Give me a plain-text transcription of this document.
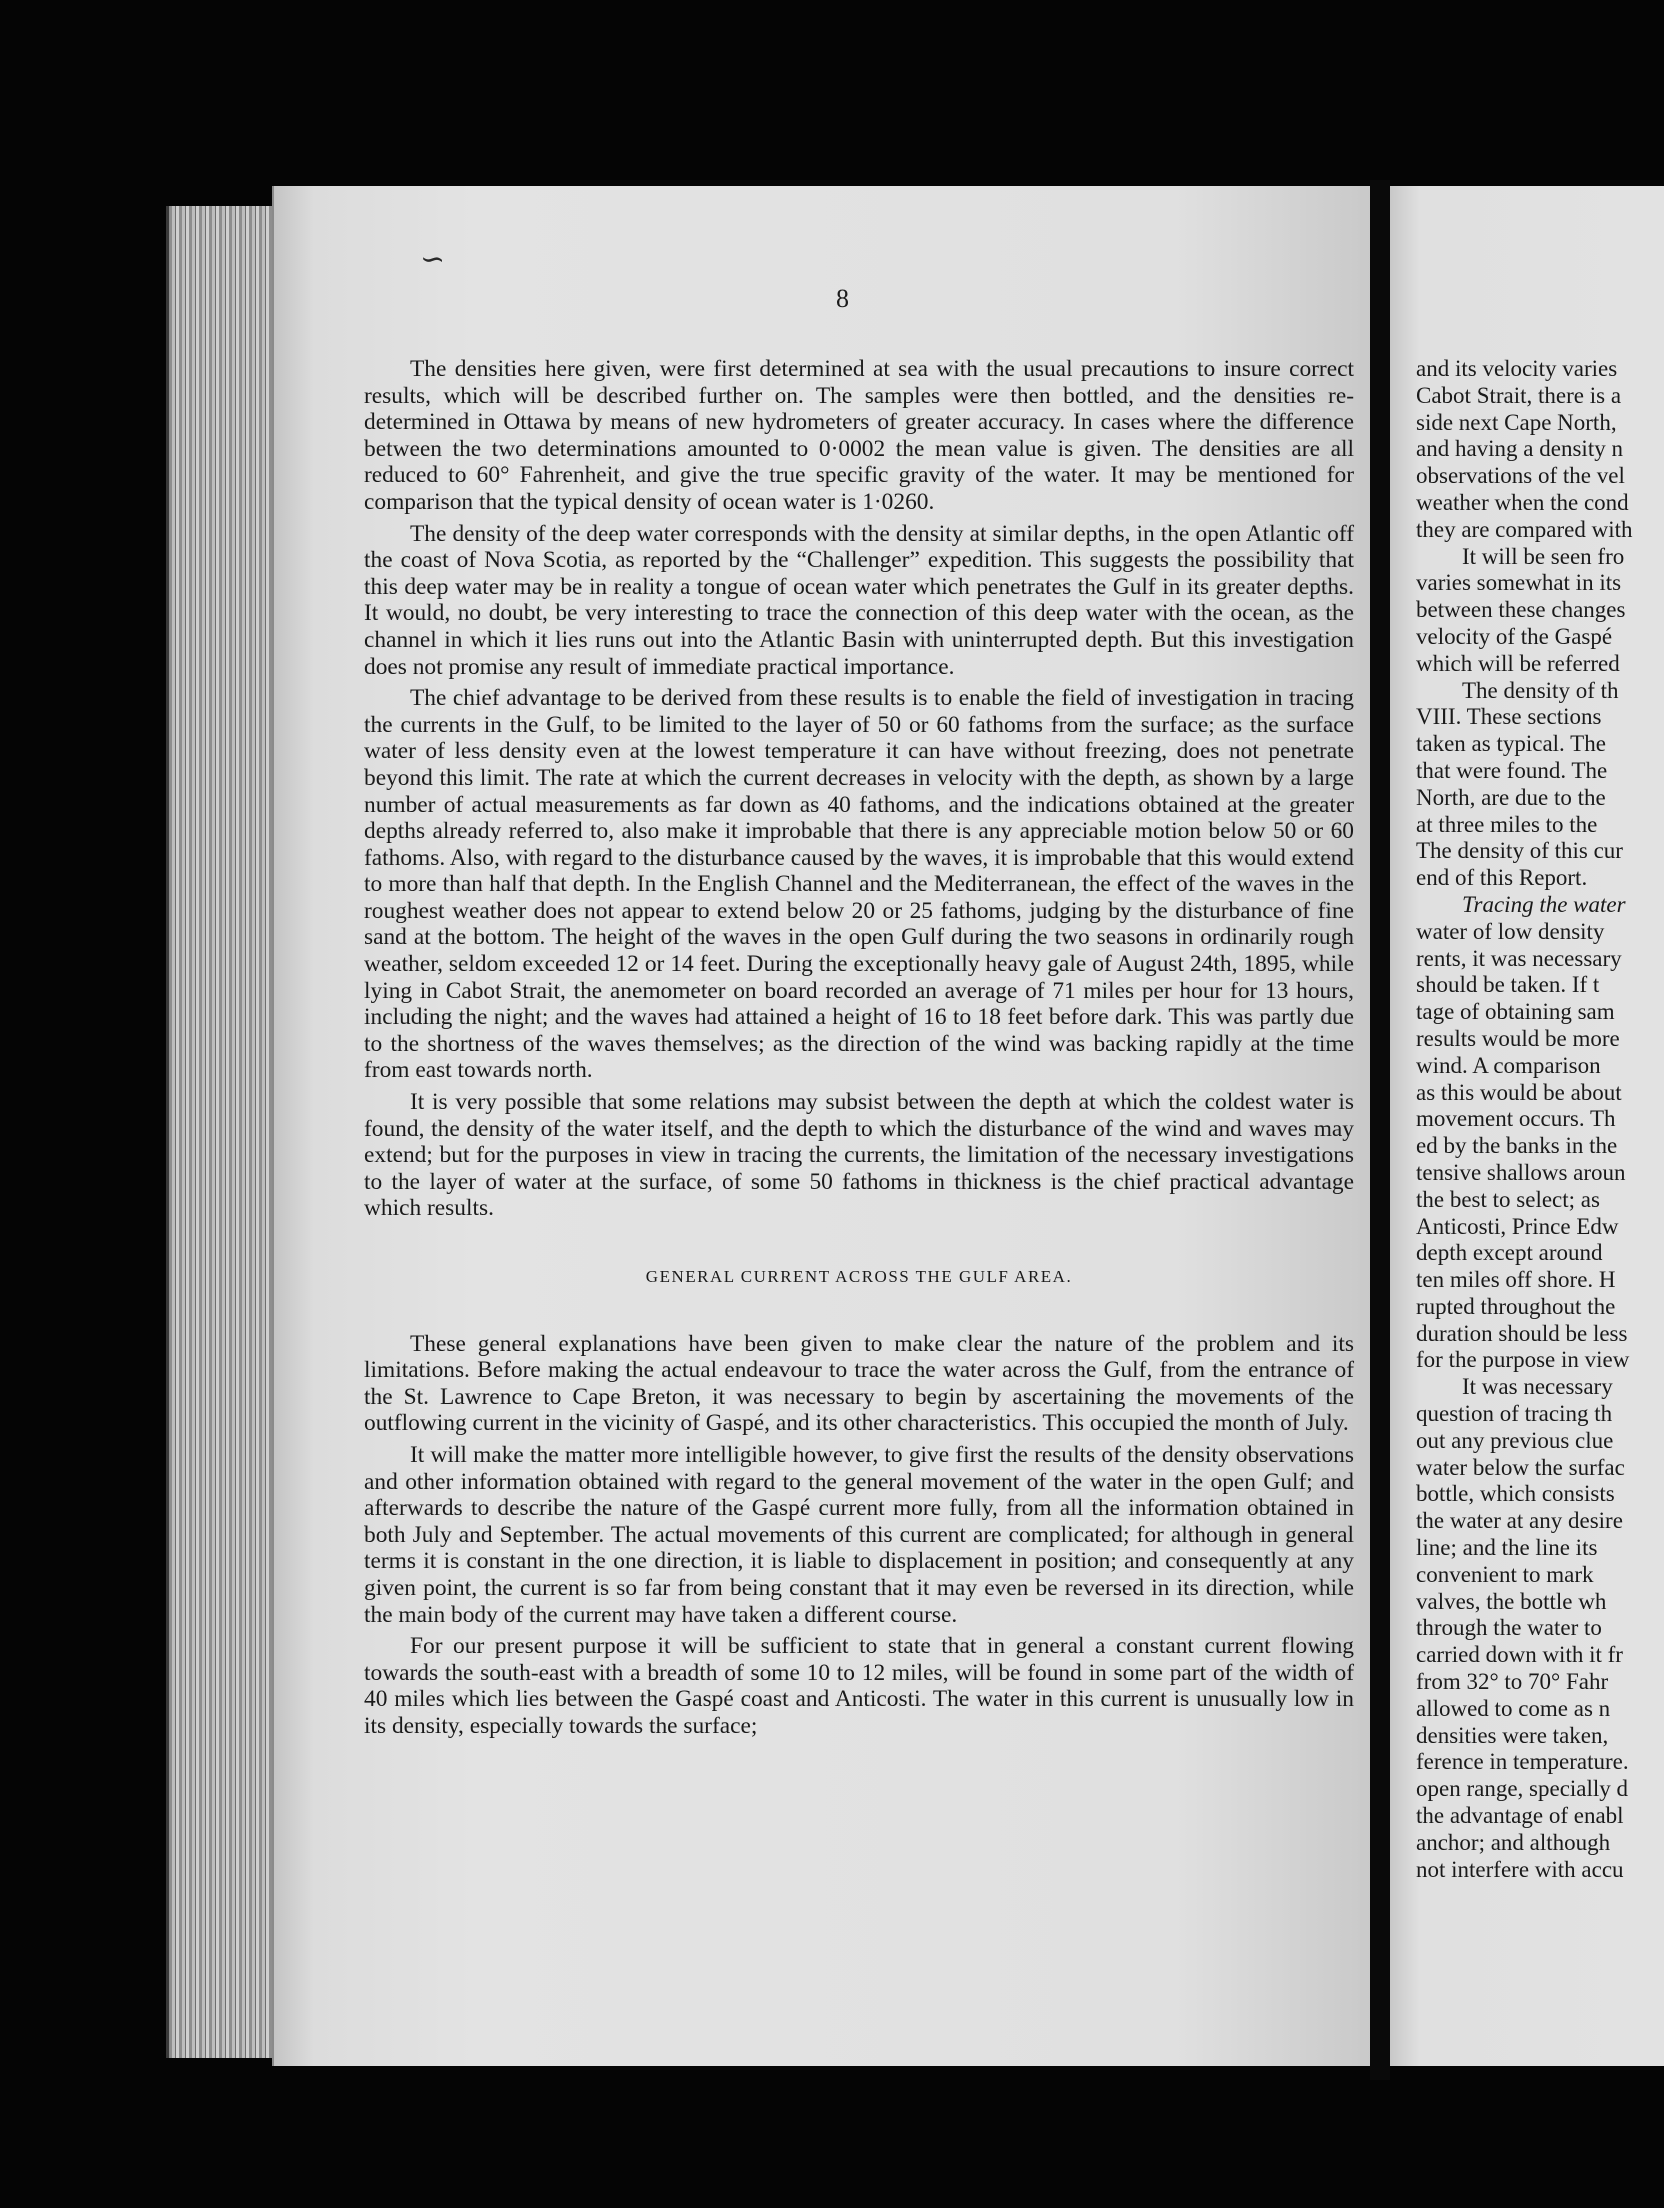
∽
8

The densities here given, were first determined at sea with the usual precautions to insure correct results, which will be described further on. The samples were then bottled, and the densities re-determined in Ottawa by means of new hydrometers of greater accuracy. In cases where the difference between the two determinations amounted to 0·0002 the mean value is given. The densities are all reduced to 60° Fahrenheit, and give the true specific gravity of the water. It may be mentioned for comparison that the typical density of ocean water is 1·0260.

The density of the deep water corresponds with the density at similar depths, in the open Atlantic off the coast of Nova Scotia, as reported by the “Challenger” expedition. This suggests the possibility that this deep water may be in reality a tongue of ocean water which penetrates the Gulf in its greater depths. It would, no doubt, be very interesting to trace the connection of this deep water with the ocean, as the channel in which it lies runs out into the Atlantic Basin with uninterrupted depth. But this investigation does not promise any result of immediate practical importance.

The chief advantage to be derived from these results is to enable the field of investigation in tracing the currents in the Gulf, to be limited to the layer of 50 or 60 fathoms from the surface; as the surface water of less density even at the lowest temperature it can have without freezing, does not penetrate beyond this limit. The rate at which the current decreases in velocity with the depth, as shown by a large number of actual measurements as far down as 40 fathoms, and the indications obtained at the greater depths already referred to, also make it improbable that there is any appreciable motion below 50 or 60 fathoms. Also, with regard to the disturbance caused by the waves, it is improbable that this would extend to more than half that depth. In the English Channel and the Mediterranean, the effect of the waves in the roughest weather does not appear to extend below 20 or 25 fathoms, judging by the disturbance of fine sand at the bottom. The height of the waves in the open Gulf during the two seasons in ordinarily rough weather, seldom exceeded 12 or 14 feet. During the exceptionally heavy gale of August 24th, 1895, while lying in Cabot Strait, the anemometer on board recorded an average of 71 miles per hour for 13 hours, including the night; and the waves had attained a height of 16 to 18 feet before dark. This was partly due to the shortness of the waves themselves; as the direction of the wind was backing rapidly at the time from east towards north.

It is very possible that some relations may subsist between the depth at which the coldest water is found, the density of the water itself, and the depth to which the disturbance of the wind and waves may extend; but for the purposes in view in tracing the currents, the limitation of the necessary investigations to the layer of water at the surface, of some 50 fathoms in thickness is the chief practical advantage which results.

GENERAL CURRENT ACROSS THE GULF AREA.

These general explanations have been given to make clear the nature of the problem and its limitations. Before making the actual endeavour to trace the water across the Gulf, from the entrance of the St. Lawrence to Cape Breton, it was necessary to begin by ascertaining the movements of the outflowing current in the vicinity of Gaspé, and its other characteristics. This occupied the month of July.

It will make the matter more intelligible however, to give first the results of the density observations and other information obtained with regard to the general movement of the water in the open Gulf; and afterwards to describe the nature of the Gaspé current more fully, from all the information obtained in both July and September. The actual movements of this current are complicated; for although in general terms it is constant in the one direction, it is liable to displacement in position; and consequently at any given point, the current is so far from being constant that it may even be reversed in its direction, while the main body of the current may have taken a different course.

For our present purpose it will be sufficient to state that in general a constant current flowing towards the south-east with a breadth of some 10 to 12 miles, will be found in some part of the width of 40 miles which lies between the Gaspé coast and Anticosti. The water in this current is unusually low in its density, especially towards the surface;

and its velocity varies
Cabot Strait, there is a
side next Cape North,
and having a density n
observations of the vel
weather when the cond
they are compared with
It will be seen fro
varies somewhat in its
between these changes
velocity of the Gaspé
which will be referred
The density of th
VIII. These sections
taken as typical. The
that were found. The
North, are due to the
at three miles to the
The density of this cur
end of this Report.
Tracing the water
water of low density
rents, it was necessary
should be taken. If t
tage of obtaining sam
results would be more
wind. A comparison
as this would be about
movement occurs. Th
ed by the banks in the
tensive shallows aroun
the best to select; as
Anticosti, Prince Edw
depth except around
ten miles off shore. H
rupted throughout the
duration should be less
for the purpose in view
It was necessary
question of tracing th
out any previous clue
water below the surfac
bottle, which consists
the water at any desire
line; and the line its
convenient to mark
valves, the bottle wh
through the water to
carried down with it fr
from 32° to 70° Fahr
allowed to come as n
densities were taken,
ference in temperature.
open range, specially d
the advantage of enabl
anchor; and although
not interfere with accu
